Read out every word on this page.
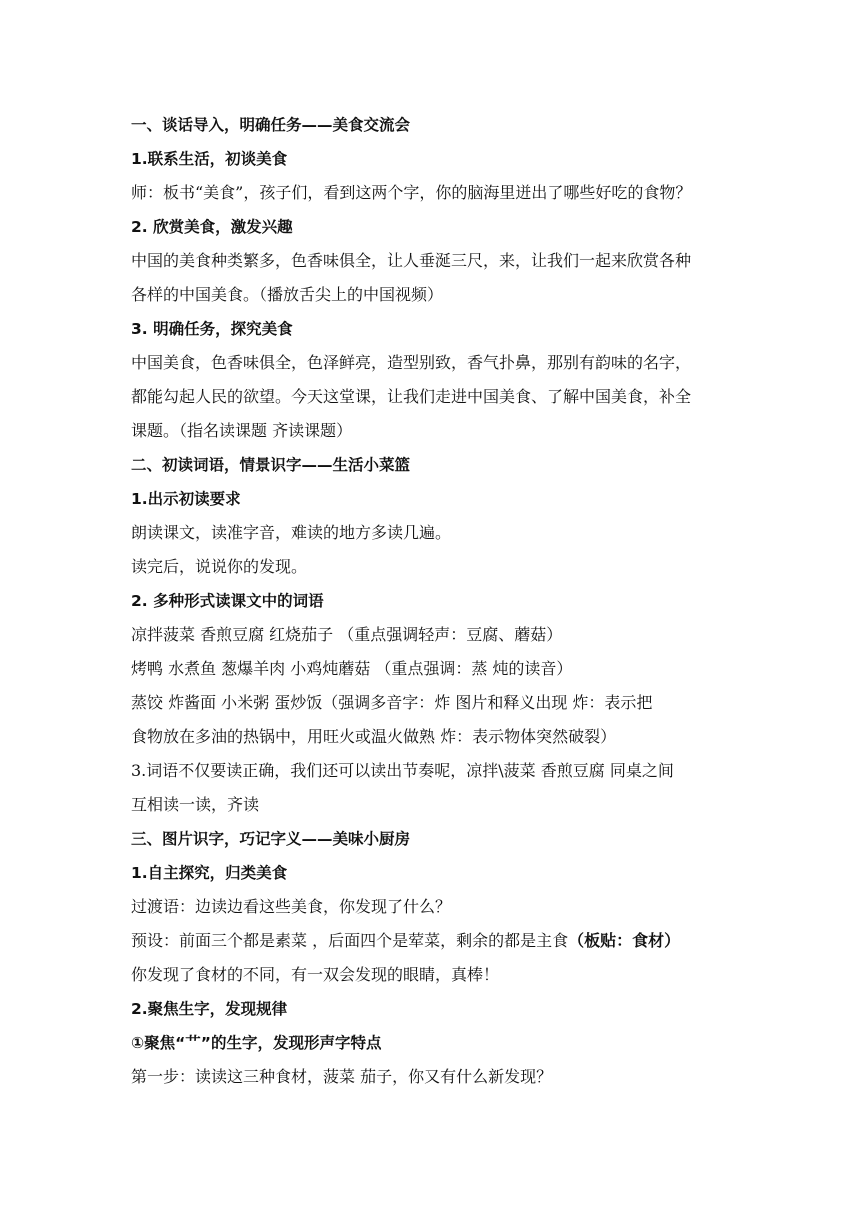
一、谈话导入，明确任务——美食交流会
1.联系生活，初谈美食
师：板书“美食”，孩子们，看到这两个字，你的脑海里迸出了哪些好吃的食物？
2. 欣赏美食，激发兴趣
中国的美食种类繁多，色香味俱全，让人垂涎三尺，来，让我们一起来欣赏各种
各样的中国美食。（播放舌尖上的中国视频）
3. 明确任务，探究美食
中国美食，色香味俱全，色泽鲜亮，造型别致，香气扑鼻，那别有韵味的名字，
都能勾起人民的欲望。今天这堂课，让我们走进中国美食、了解中国美食，补全
课题。（指名读课题 齐读课题）
二、初读词语，情景识字——生活小菜篮
1.出示初读要求
朗读课文，读准字音，难读的地方多读几遍。
读完后，说说你的发现。
2. 多种形式读课文中的词语
凉拌菠菜 香煎豆腐 红烧茄子 （重点强调轻声：豆腐、蘑菇）
烤鸭 水煮鱼 葱爆羊肉 小鸡炖蘑菇 （重点强调：蒸 炖的读音）
蒸饺 炸酱面 小米粥 蛋炒饭（强调多音字：炸 图片和释义出现 炸：表示把
食物放在多油的热锅中，用旺火或温火做熟 炸：表示物体突然破裂）
3.词语不仅要读正确，我们还可以读出节奏呢，凉拌\菠菜 香煎豆腐 同桌之间
互相读一读，齐读
三、图片识字，巧记字义——美味小厨房
1.自主探究，归类美食
过渡语：边读边看这些美食，你发现了什么？
预设：前面三个都是素菜 ，后面四个是荤菜，剩余的都是主食（板贴：食材）
你发现了食材的不同，有一双会发现的眼睛，真棒！
2.聚焦生字，发现规律
①聚焦“艹”的生字，发现形声字特点
第一步：读读这三种食材，菠菜 茄子，你又有什么新发现？
